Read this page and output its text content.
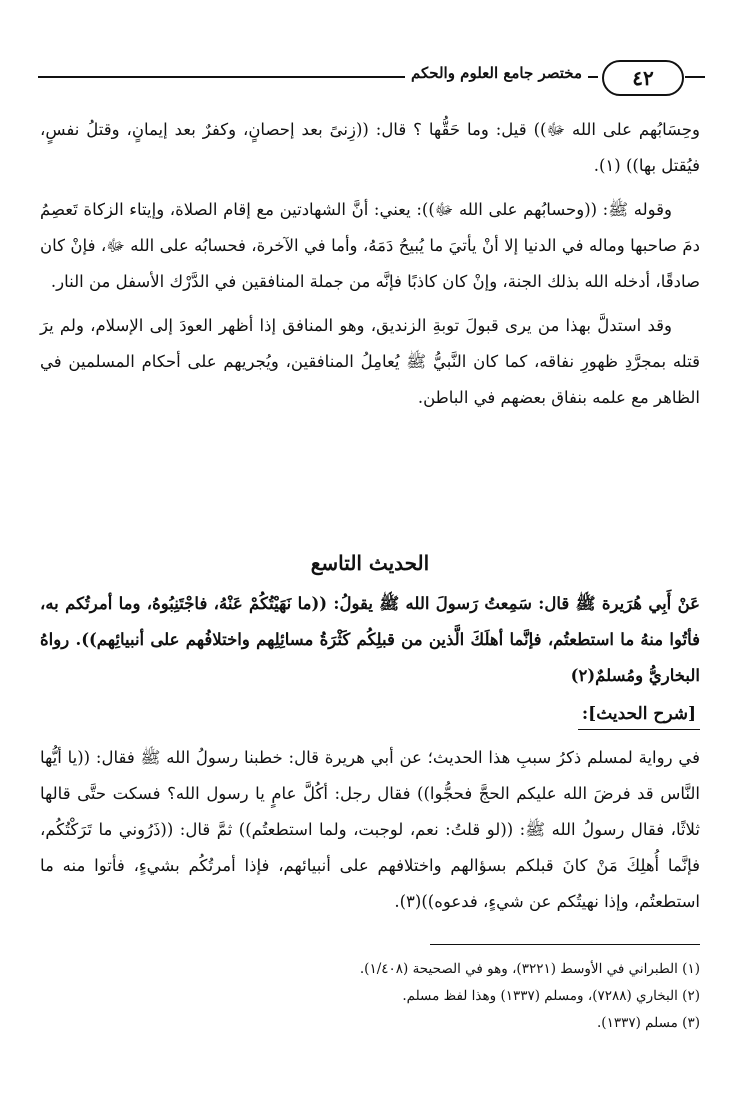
مختصر جامع العلوم والحكم	٤٢

وحِسَابُهم على الله ﷻ)) قيل: وما حَقُّها ؟ قال: ((زِنىً بعد إحصانٍ، وكفرٌ بعد إيمانٍ، وقتلُ نفسٍ، فيُقتل بها)) (١).

وقوله ﷺ: ((وحسابُهم على الله ﷻ)): يعني: أنَّ الشهادتين مع إقام الصلاة، وإيتاء الزكاة تَعصِمُ دمَ صاحبها وماله في الدنيا إلا أنْ يأتيَ ما يُبيحُ دَمَهُ، وأما في الآخرة، فحسابُه على الله ﷻ، فإنْ كان صادقًا، أدخله الله بذلك الجنة، وإنْ كان كاذبًا فإنَّه من جملة المنافقين في الدَّرْك الأسفل من النار.

وقد استدلَّ بهذا من يرى قبولَ توبةِ الزنديق، وهو المنافق إذا أظهر العودَ إلى الإسلام، ولم يرَ قتله بمجرَّدِ ظهورِ نفاقه، كما كان النَّبيُّ ﷺ يُعامِلُ المنافقين، ويُجريهم على أحكام المسلمين في الظاهر مع علمه بنفاق بعضهم في الباطن.

الحديث التاسع

عَنْ أَبِي هُرَيرة ﷺ قال: سَمِعتُ رَسولَ الله ﷺ يقولُ: ((ما نَهَيْتُكُمْ عَنْهُ، فاجْتَنِبُوهُ، وما أمرتُكم به، فأتُوا منهُ ما استطعتُم، فإنَّما أهلَكَ الَّذين من قبلِكُم كَثْرَةُ مسائِلِهم واختلافُهم على أنبيائِهم)). رواهُ البخاريُّ ومُسلمٌ(٢)

[شرح الحديث]:

في رواية لمسلم ذكرُ سببِ هذا الحديث؛ عن أبي هريرة قال: خطبنا رسولُ الله ﷺ فقال: ((يا أيُّها النَّاس قد فرضَ الله عليكم الحجَّ فحجُّوا)) فقال رجل: أكُلَّ عامٍ يا رسول الله؟ فسكت حتَّى قالها ثلاثًا، فقال رسولُ الله ﷺ: ((لو قلتُ: نعم، لوجبت، ولما استطعتُم)) ثمَّ قال: ((ذَرُوني ما تَرَكْتُكُم، فإنَّما أُهلِكَ مَنْ كانَ قبلكم بسؤالهم واختلافهم على أنبيائهم، فإذا أمرتُكُم بشيءٍ، فأتوا منه ما استطعتُم، وإذا نهيتُكم عن شيءٍ، فدعوه))(٣).

(١) الطبراني في الأوسط (٣٢٢١)، وهو في الصحيحة (١/٤٠٨).

(٢) البخاري (٧٢٨٨)، ومسلم (١٣٣٧) وهذا لفظ مسلم.

(٣) مسلم (١٣٣٧).
